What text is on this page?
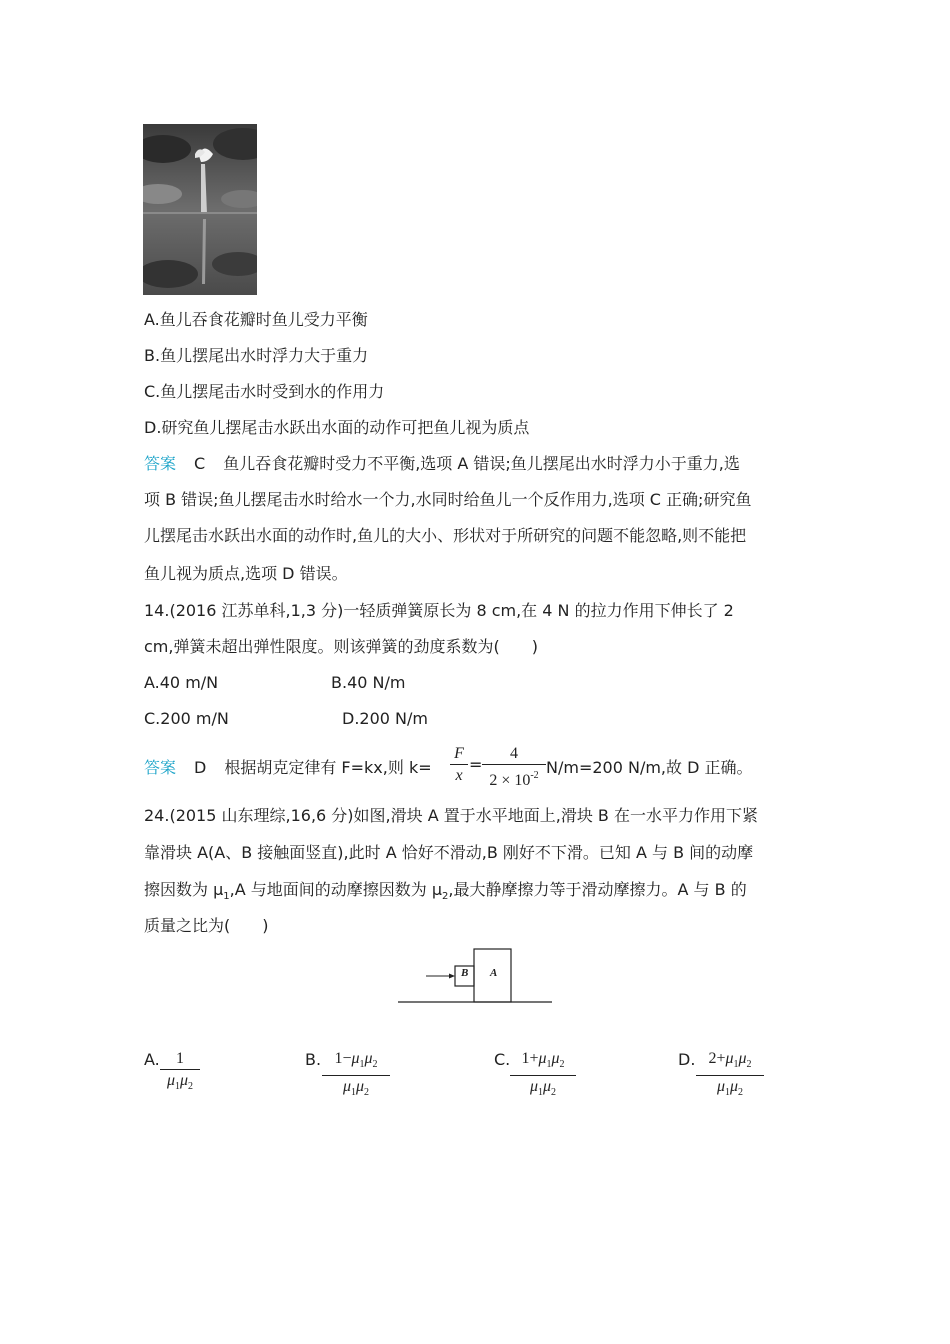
A.鱼儿吞食花瓣时鱼儿受力平衡
B.鱼儿摆尾出水时浮力大于重力
C.鱼儿摆尾击水时受到水的作用力
D.研究鱼儿摆尾击水跃出水面的动作可把鱼儿视为质点
答案 C 鱼儿吞食花瓣时受力不平衡,选项 A 错误;鱼儿摆尾出水时浮力小于重力,选
项 B 错误;鱼儿摆尾击水时给水一个力,水同时给鱼儿一个反作用力,选项 C 正确;研究鱼
儿摆尾击水跃出水面的动作时,鱼儿的大小、形状对于所研究的问题不能忽略,则不能把
鱼儿视为质点,选项 D 错误。
14.(2016 江苏单科,1,3 分)一轻质弹簧原长为 8 cm,在 4 N 的拉力作用下伸长了 2
cm,弹簧未超出弹性限度。则该弹簧的劲度系数为(　　)
A.40 m/N	B.40 N/m
C.200 m/N	D.200 N/m
答案 D 根据胡克定律有 F=kx,则 k=
F
x
=
4
$2 \times 10^{-2}$ N/m=200 N/m,故 D 正确。
24.(2015 山东理综,16,6 分)如图,滑块 A 置于水平地面上,滑块 B 在一水平力作用下紧
靠滑块 A(A、B 接触面竖直),此时 A 恰好不滑动,B 刚好不下滑。已知 A 与 B 间的动摩
擦因数为 $\mu_1,A$ 与地面间的动摩擦因数为 $\mu_2$,最大静摩擦力等于滑动摩擦力。A 与 B 的
质量之比为(　　)
B A
A.	1
$\mu_1\mu_2$
B. $1-\mu_1\mu_2$
$\mu_1\mu_2$
C. $1+\mu_1\mu_2$
$\mu_1\mu_2$
D. $2+\mu_1\mu_2$
$\mu_1\mu_2$
